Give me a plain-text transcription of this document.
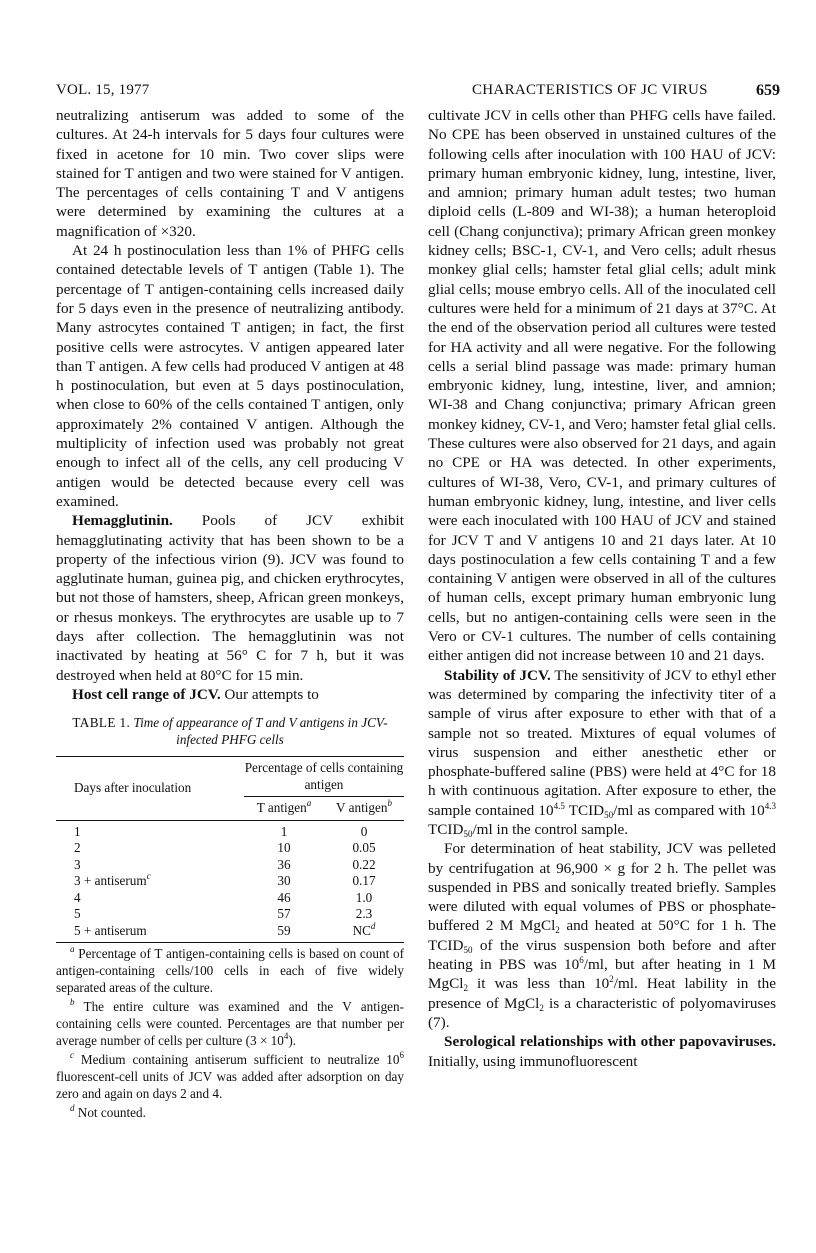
VOL. 15, 1977	CHARACTERISTICS OF JC VIRUS	659

neutralizing antiserum was added to some of the cultures. At 24-h intervals for 5 days four cultures were fixed in acetone for 10 min. Two cover slips were stained for T antigen and two were stained for V antigen. The percentages of cells containing T and V antigens were determined by examining the cultures at a magnification of ×320.

At 24 h postinoculation less than 1% of PHFG cells contained detectable levels of T antigen (Table 1). The percentage of T antigen-containing cells increased daily for 5 days even in the presence of neutralizing antibody. Many astrocytes contained T antigen; in fact, the first positive cells were astrocytes. V antigen appeared later than T antigen. A few cells had produced V antigen at 48 h postinoculation, but even at 5 days postinoculation, when close to 60% of the cells contained T antigen, only approximately 2% contained V antigen. Although the multiplicity of infection used was probably not great enough to infect all of the cells, any cell producing V antigen would be detected because every cell was examined.

Hemagglutinin. Pools of JCV exhibit hemagglutinating activity that has been shown to be a property of the infectious virion (9). JCV was found to agglutinate human, guinea pig, and chicken erythrocytes, but not those of hamsters, sheep, African green monkeys, or rhesus monkeys. The erythrocytes are usable up to 7 days after collection. The hemagglutinin was not inactivated by heating at 56° C for 7 h, but it was destroyed when held at 80°C for 15 min.

Host cell range of JCV. Our attempts to

TABLE 1. Time of appearance of T and V antigens in JCV-infected PHFG cells
Days after inoculation	Percentage of cells containing antigen	
	T antigen$^a$	V antigen$^b$
1	1	0
2	10	0.05
3	36	0.22
3 + antiserum$^c$	30	0.17
4	46	1.0
5	57	2.3
5 + antiserum	59	$NC^d$

$^a$ Percentage of T antigen-containing cells is based on count of antigen-containing cells/100 cells in each of five widely separated areas of the culture.

$^b$ The entire culture was examined and the V antigen-containing cells were counted. Percentages are that number per average number of cells per culture $(3 \times 10^4)$.

$^c$ Medium containing antiserum sufficient to neutralize $10^6$ fluorescent-cell units of JCV was added after adsorption on day zero and again on days 2 and 4.

$^d$ Not counted.

cultivate JCV in cells other than PHFG cells have failed. No CPE has been observed in unstained cultures of the following cells after inoculation with 100 HAU of JCV: primary human embryonic kidney, lung, intestine, liver, and amnion; primary human adult testes; two human diploid cells (L-809 and WI-38); a human heteroploid cell (Chang conjunctiva); primary African green monkey kidney cells; BSC-1, CV-1, and Vero cells; adult rhesus monkey glial cells; hamster fetal glial cells; adult mink glial cells; mouse embryo cells. All of the inoculated cell cultures were held for a minimum of 21 days at 37°C. At the end of the observation period all cultures were tested for HA activity and all were negative. For the following cells a serial blind passage was made: primary human embryonic kidney, lung, intestine, liver, and amnion; WI-38 and Chang conjunctiva; primary African green monkey kidney, CV-1, and Vero; hamster fetal glial cells. These cultures were also observed for 21 days, and again no CPE or HA was detected. In other experiments, cultures of WI-38, Vero, CV-1, and primary cultures of human embryonic kidney, lung, intestine, and liver cells were each inoculated with 100 HAU of JCV and stained for JCV T and V antigens 10 and 21 days later. At 10 days postinoculation a few cells containing T and a few containing V antigen were observed in all of the cultures of human cells, except primary human embryonic lung cells, but no antigen-containing cells were seen in the Vero or CV-1 cultures. The number of cells containing either antigen did not increase between 10 and 21 days.

Stability of JCV. The sensitivity of JCV to ethyl ether was determined by comparing the infectivity titer of a sample of virus after exposure to ether with that of a sample not so treated. Mixtures of equal volumes of virus suspension and either anesthetic ether or phosphate-buffered saline (PBS) were held at 4°C for 18 h with continuous agitation. After exposure to ether, the sample contained $10^{4.5}$ $TCID_{50}/ml$ as compared with $10^{4.3}$ $TCID_{50}/ml$ in the control sample.

For determination of heat stability, JCV was pelleted by centrifugation at 96,900 × g for 2 h. The pellet was suspended in PBS and sonically treated briefly. Samples were diluted with equal volumes of PBS or phosphate-buffered 2 M MgCl$_2$ and heated at 50°C for 1 h. The $TCID_{50}$ of the virus suspension both before and after heating in PBS was $10^6/ml$, but after heating in 1 M MgCl$_2$ it was less than $10^2/ml$. Heat lability in the presence of MgCl$_2$ is a characteristic of polyomaviruses (7).

Serological relationships with other papovaviruses. Initially, using immunofluorescent
